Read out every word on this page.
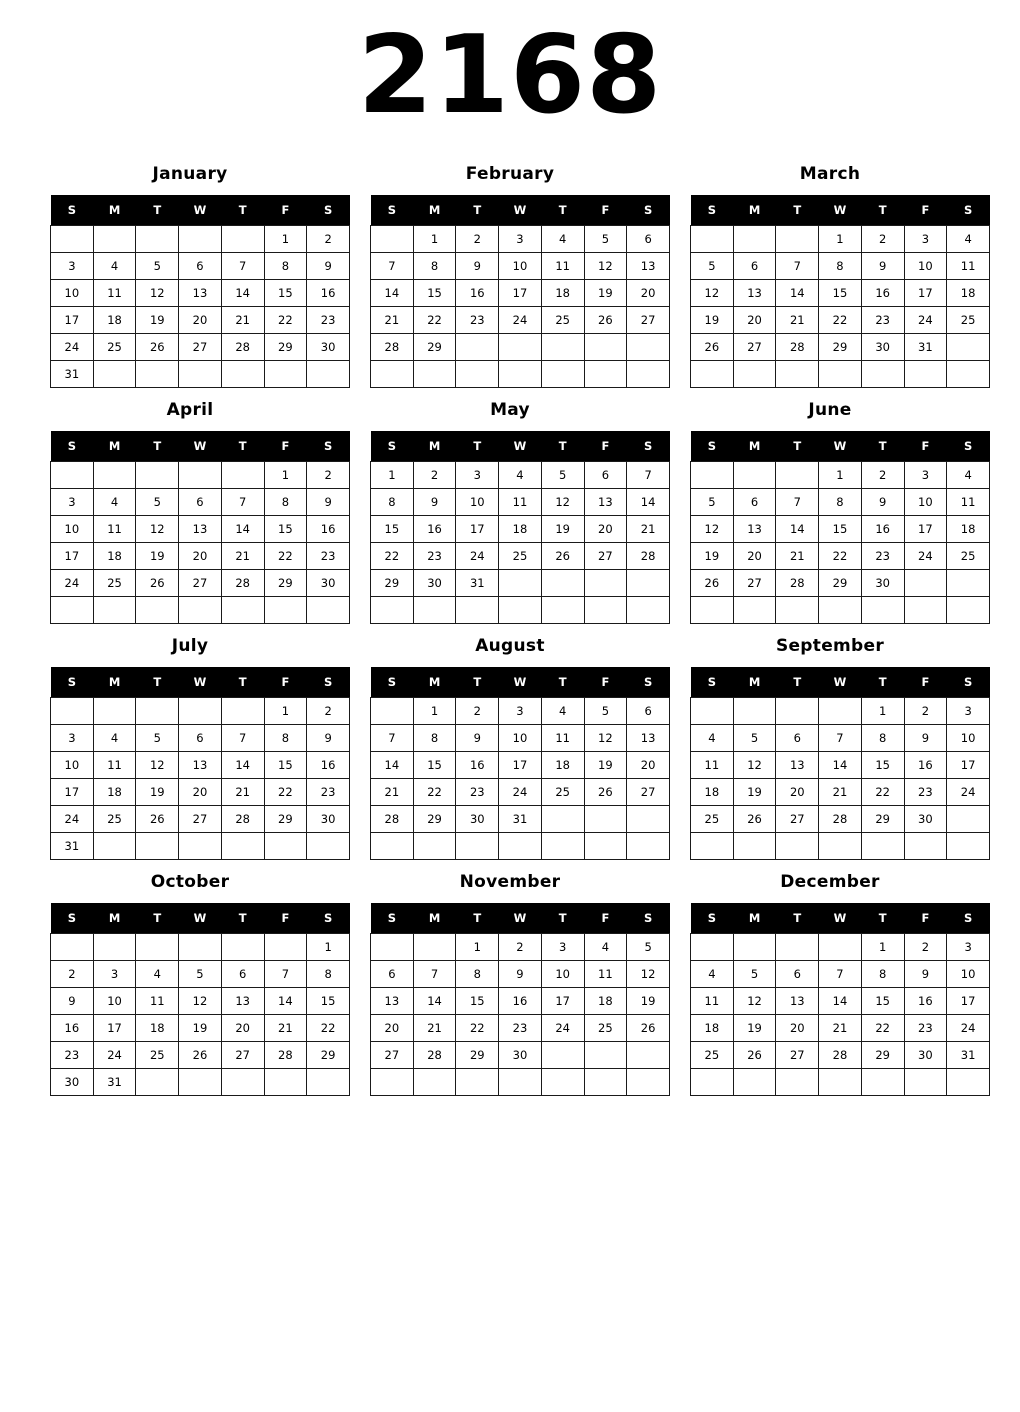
2168
January
S	M	T	W	T	F	S
					1	2
3	4	5	6	7	8	9
10	11	12	13	14	15	16
17	18	19	20	21	22	23
24	25	26	27	28	29	30
31						
February
S	M	T	W	T	F	S
	1	2	3	4	5	6
7	8	9	10	11	12	13
14	15	16	17	18	19	20
21	22	23	24	25	26	27
28	29					

March
S	M	T	W	T	F	S
			1	2	3	4
5	6	7	8	9	10	11
12	13	14	15	16	17	18
19	20	21	22	23	24	25
26	27	28	29	30	31	

April
S	M	T	W	T	F	S
					1	2
3	4	5	6	7	8	9
10	11	12	13	14	15	16
17	18	19	20	21	22	23
24	25	26	27	28	29	30

May
S	M	T	W	T	F	S
1	2	3	4	5	6	7
8	9	10	11	12	13	14
15	16	17	18	19	20	21
22	23	24	25	26	27	28
29	30	31				

June
S	M	T	W	T	F	S
			1	2	3	4
5	6	7	8	9	10	11
12	13	14	15	16	17	18
19	20	21	22	23	24	25
26	27	28	29	30		

July
S	M	T	W	T	F	S
					1	2
3	4	5	6	7	8	9
10	11	12	13	14	15	16
17	18	19	20	21	22	23
24	25	26	27	28	29	30
31						
August
S	M	T	W	T	F	S
	1	2	3	4	5	6
7	8	9	10	11	12	13
14	15	16	17	18	19	20
21	22	23	24	25	26	27
28	29	30	31			

September
S	M	T	W	T	F	S
				1	2	3
4	5	6	7	8	9	10
11	12	13	14	15	16	17
18	19	20	21	22	23	24
25	26	27	28	29	30	

October
S	M	T	W	T	F	S
						1
2	3	4	5	6	7	8
9	10	11	12	13	14	15
16	17	18	19	20	21	22
23	24	25	26	27	28	29
30	31					
November
S	M	T	W	T	F	S
		1	2	3	4	5
6	7	8	9	10	11	12
13	14	15	16	17	18	19
20	21	22	23	24	25	26
27	28	29	30			

December
S	M	T	W	T	F	S
				1	2	3
4	5	6	7	8	9	10
11	12	13	14	15	16	17
18	19	20	21	22	23	24
25	26	27	28	29	30	31
